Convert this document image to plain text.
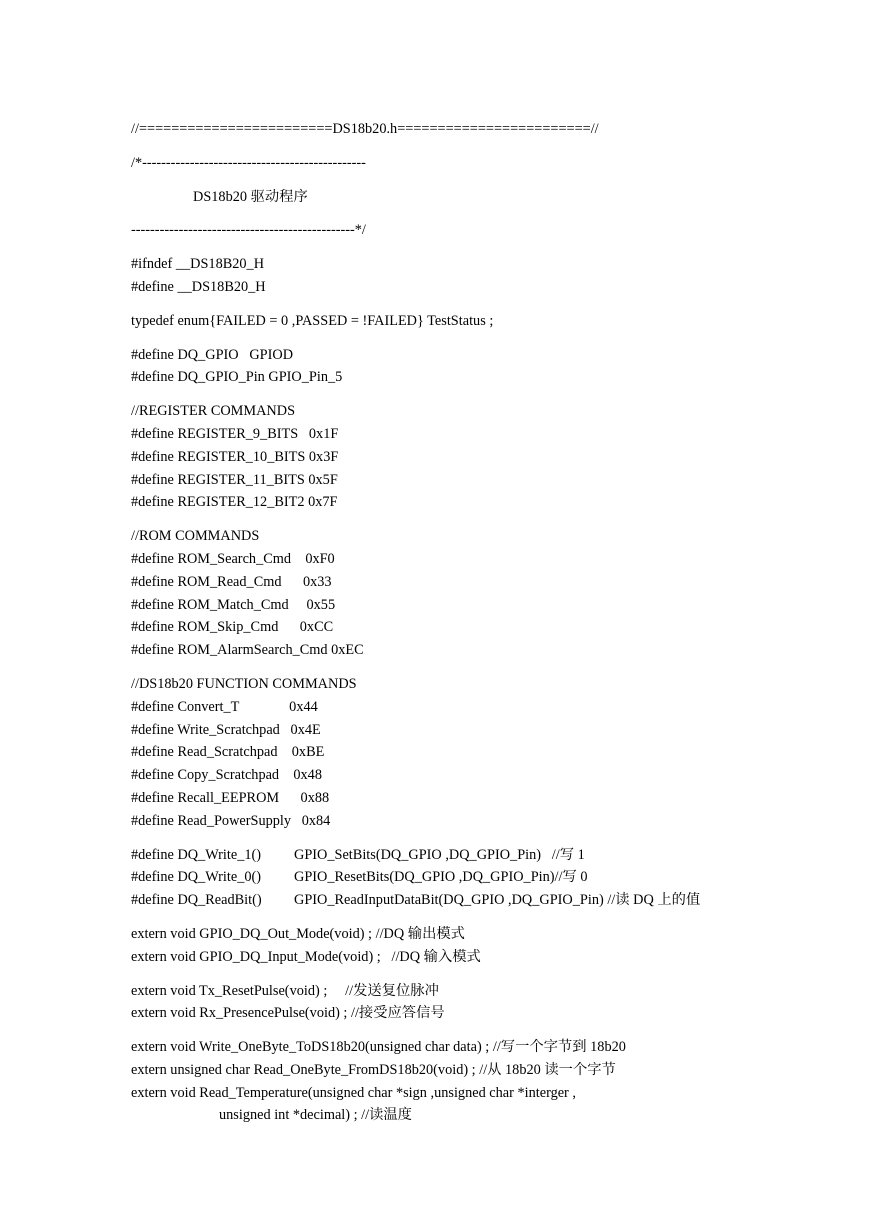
//========================DS18b20.h========================//
/*-----------------------------------------------
DS18b20 驱动程序
-----------------------------------------------*/
#ifndef __DS18B20_H
#define __DS18B20_H
typedef enum{FAILED = 0 ,PASSED = !FAILED} TestStatus ;
#define DQ_GPIO   GPIOD
#define DQ_GPIO_Pin GPIO_Pin_5
//REGISTER COMMANDS
#define REGISTER_9_BITS   0x1F
#define REGISTER_10_BITS 0x3F
#define REGISTER_11_BITS 0x5F
#define REGISTER_12_BIT2 0x7F
//ROM COMMANDS
#define ROM_Search_Cmd    0xF0
#define ROM_Read_Cmd      0x33
#define ROM_Match_Cmd     0x55
#define ROM_Skip_Cmd      0xCC
#define ROM_AlarmSearch_Cmd 0xEC
//DS18b20 FUNCTION COMMANDS
#define Convert_T              0x44
#define Write_Scratchpad   0x4E
#define Read_Scratchpad    0xBE
#define Copy_Scratchpad    0x48
#define Recall_EEPROM      0x88
#define Read_PowerSupply   0x84
#define DQ_Write_1() GPIO_SetBits(DQ_GPIO ,DQ_GPIO_Pin)   //写 1
#define DQ_Write_0() GPIO_ResetBits(DQ_GPIO ,DQ_GPIO_Pin)//写 0
#define DQ_ReadBit() GPIO_ReadInputDataBit(DQ_GPIO ,DQ_GPIO_Pin) //读 DQ 上的值
extern void GPIO_DQ_Out_Mode(void) ; //DQ 输出模式
extern void GPIO_DQ_Input_Mode(void) ;   //DQ 输入模式
extern void Tx_ResetPulse(void) ;     //发送复位脉冲
extern void Rx_PresencePulse(void) ; //接受应答信号
extern void Write_OneByte_ToDS18b20(unsigned char data) ; //写一个字节到 18b20
extern unsigned char Read_OneByte_FromDS18b20(void) ; //从 18b20 读一个字节
extern void Read_Temperature(unsigned char *sign ,unsigned char *interger ,
unsigned int *decimal) ; //读温度
